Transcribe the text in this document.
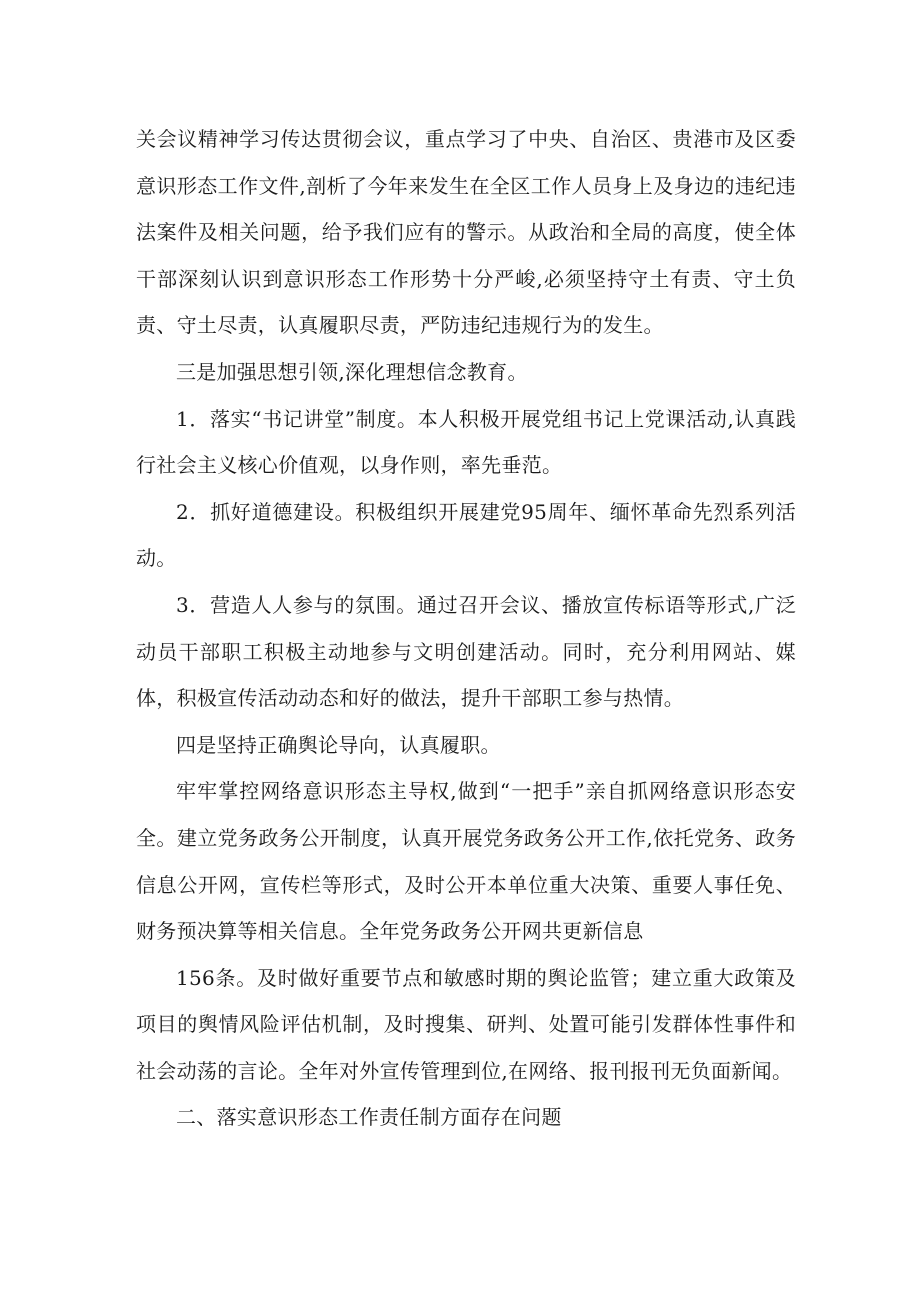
关会议精神学习传达贯彻会议，重点学习了中央、自治区、贵港市及区委意识形态工作文件,剖析了今年来发生在全区工作人员身上及身边的违纪违法案件及相关问题，给予我们应有的警示。从政治和全局的高度，使全体干部深刻认识到意识形态工作形势十分严峻,必须坚持守土有责、守土负责、守土尽责，认真履职尽责，严防违纪违规行为的发生。

三是加强思想引领,深化理想信念教育。

1．落实“书记讲堂”制度。本人积极开展党组书记上党课活动,认真践行社会主义核心价值观，以身作则，率先垂范。

2．抓好道德建设。积极组织开展建党95周年、缅怀革命先烈系列活动。

3．营造人人参与的氛围。通过召开会议、播放宣传标语等形式,广泛动员干部职工积极主动地参与文明创建活动。同时，充分利用网站、媒体，积极宣传活动动态和好的做法，提升干部职工参与热情。

四是坚持正确舆论导向，认真履职。

牢牢掌控网络意识形态主导权,做到“一把手”亲自抓网络意识形态安全。建立党务政务公开制度，认真开展党务政务公开工作,依托党务、政务信息公开网，宣传栏等形式，及时公开本单位重大决策、重要人事任免、财务预决算等相关信息。全年党务政务公开网共更新信息

156条。及时做好重要节点和敏感时期的舆论监管；建立重大政策及项目的舆情风险评估机制，及时搜集、研判、处置可能引发群体性事件和社会动荡的言论。全年对外宣传管理到位,在网络、报刊报刊无负面新闻。

二、落实意识形态工作责任制方面存在问题
